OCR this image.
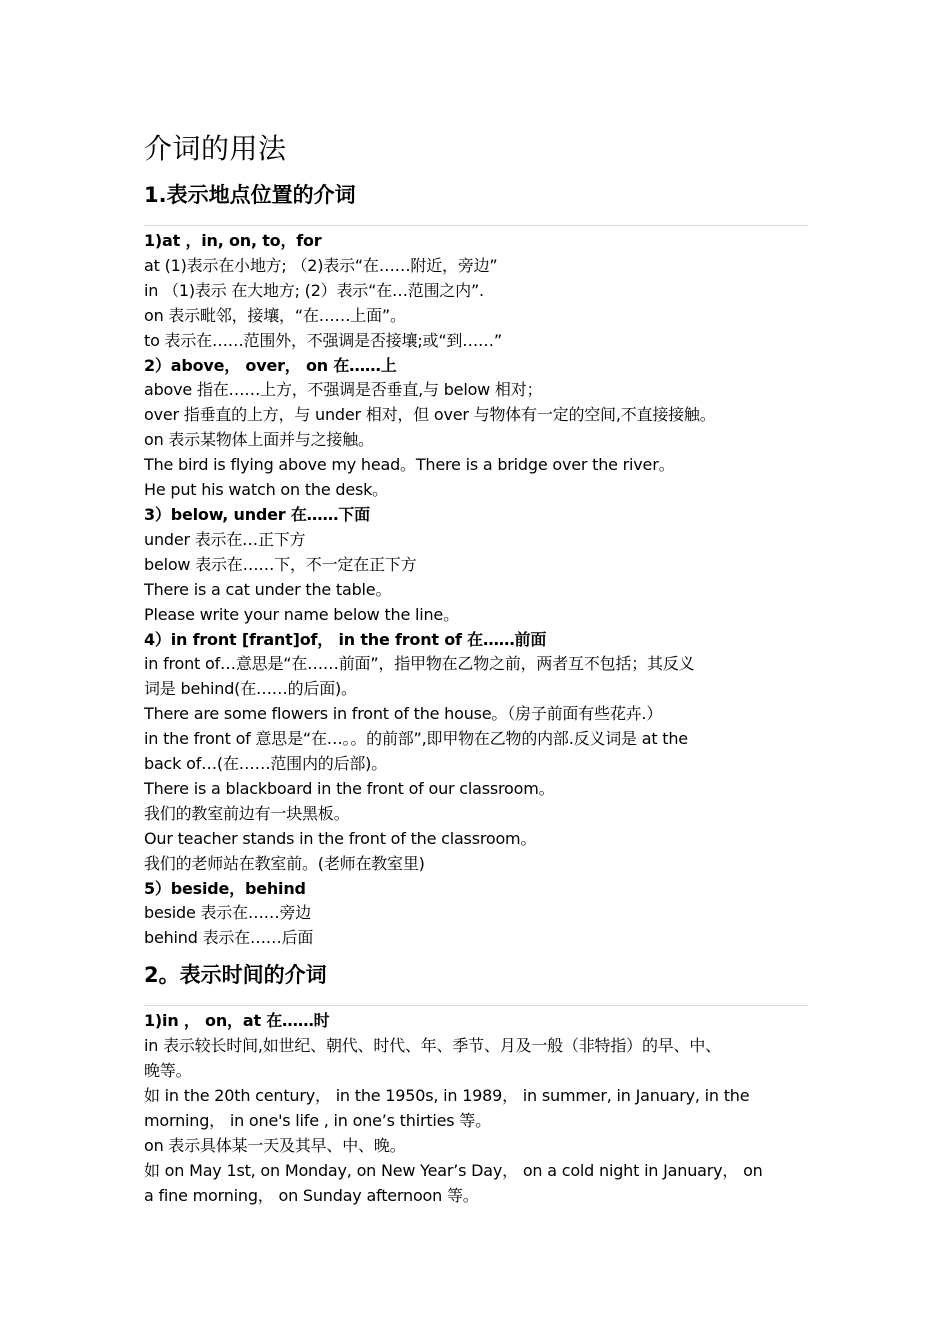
介词的用法
1.表示地点位置的介词
1)at ，in, on, to，for
at (1)表示在小地方; （2)表示“在……附近，旁边”
in （1)表示 在大地方; (2）表示“在…范围之内”.
on 表示毗邻，接壤，“在……上面”。
to 表示在……范围外，不强调是否接壤;或“到……”
2）above， over， on 在……上
above 指在……上方，不强调是否垂直,与 below 相对；
over 指垂直的上方，与 under 相对，但 over 与物体有一定的空间,不直接接触。
on 表示某物体上面并与之接触。
The bird is flying above my head。There is a bridge over the river。
He put his watch on the desk。
3）below, under 在……下面
under 表示在…正下方
below 表示在……下，不一定在正下方
There is a cat under the table。
Please write your name below the line。
4）in front [frant]of， in the front of 在……前面
in front of…意思是“在……前面”，指甲物在乙物之前，两者互不包括；其反义
词是 behind(在……的后面)。
There are some flowers in front of the house。（房子前面有些花卉.）
in the front of 意思是“在…。。的前部”,即甲物在乙物的内部.反义词是 at the
back of…(在……范围内的后部)。
There is a blackboard in the front of our classroom。
我们的教室前边有一块黑板。
Our teacher stands in the front of the classroom。
我们的老师站在教室前。(老师在教室里)
5）beside，behind
beside 表示在……旁边
behind 表示在……后面
2。表示时间的介词
1)in ， on，at 在……时
in 表示较长时间,如世纪、朝代、时代、年、季节、月及一般（非特指）的早、中、
晚等。
如 in the 20th century， in the 1950s, in 1989， in summer, in January, in the
morning， in one's life , in one’s thirties 等。
on 表示具体某一天及其早、中、晚。
如 on May 1st, on Monday, on New Year’s Day， on a cold night in January， on
a fine morning， on Sunday afternoon 等。
